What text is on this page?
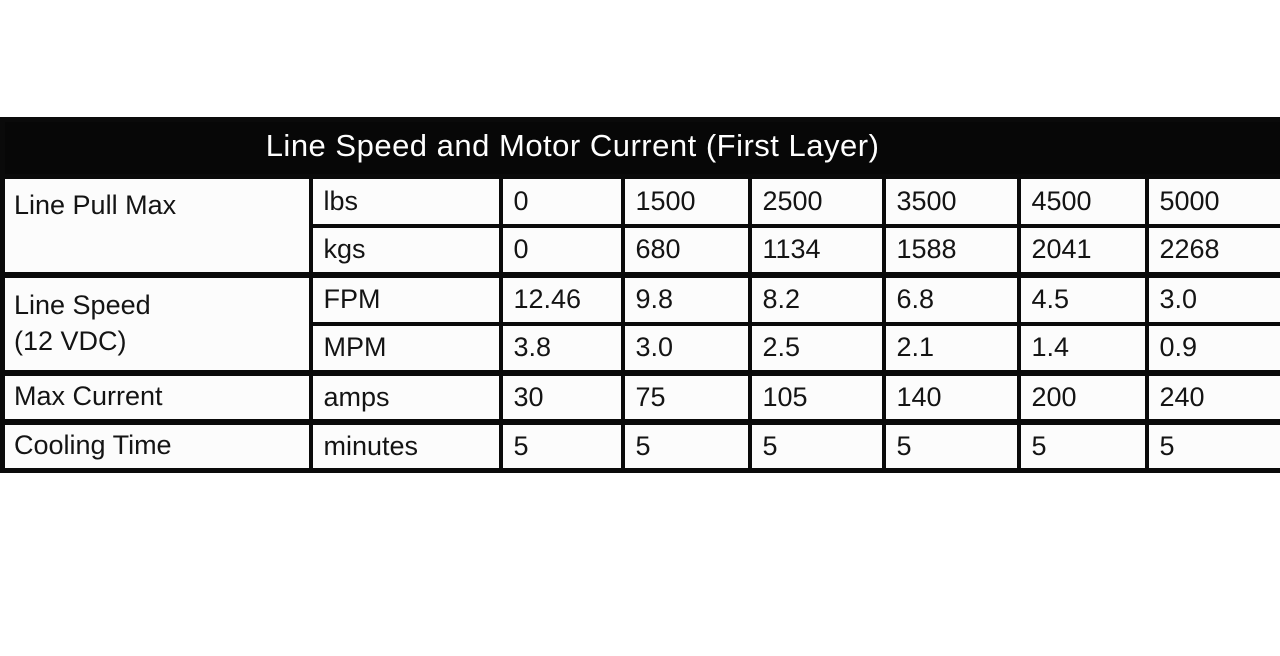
Line Speed and Motor Current (First Layer)							

Line Pull Max	lbs	0	1500	2500	3500	4500	5000
	kgs	0	680	1134	1588	2041	2268

Line Speed
(12 VDC)	FPM	12.46	9.8	8.2	6.8	4.5	3.0
	MPM	3.8	3.0	2.5	2.1	1.4	0.9

Max Current	amps	30	75	105	140	200	240

Cooling Time	minutes	5	5	5	5	5	5
